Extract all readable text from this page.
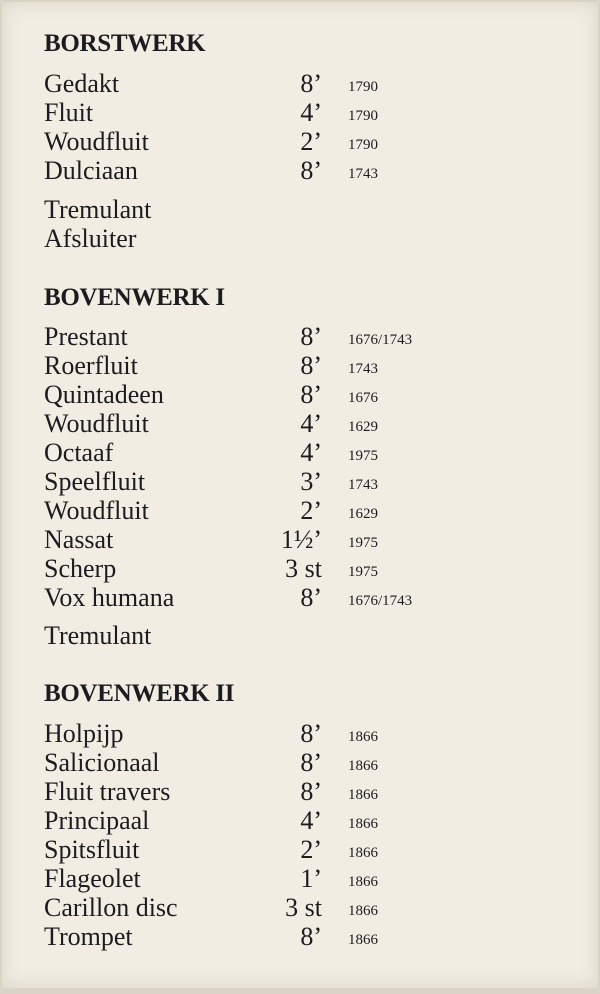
BORSTWERK
Gedakt	8’ 1790
Fluit	4’ 1790
Woudfluit	2’ 1790
Dulciaan	8’ 1743
Tremulant
Afsluiter
BOVENWERK I
Prestant	8’ 1676/1743
Roerfluit	8’ 1743
Quintadeen	8’ 1676
Woudfluit	4’ 1629
Octaaf	4’ 1975
Speelfluit	3’ 1743
Woudfluit	2’ 1629
Nassat	1½’ 1975
Scherp	3 st 1975
Vox humana	8’ 1676/1743
Tremulant
BOVENWERK II
Holpijp	8’ 1866
Salicionaal	8’ 1866
Fluit travers	8’ 1866
Principaal	4’ 1866
Spitsfluit	2’ 1866
Flageolet	1’ 1866
Carillon disc	3 st 1866
Trompet	8’ 1866
